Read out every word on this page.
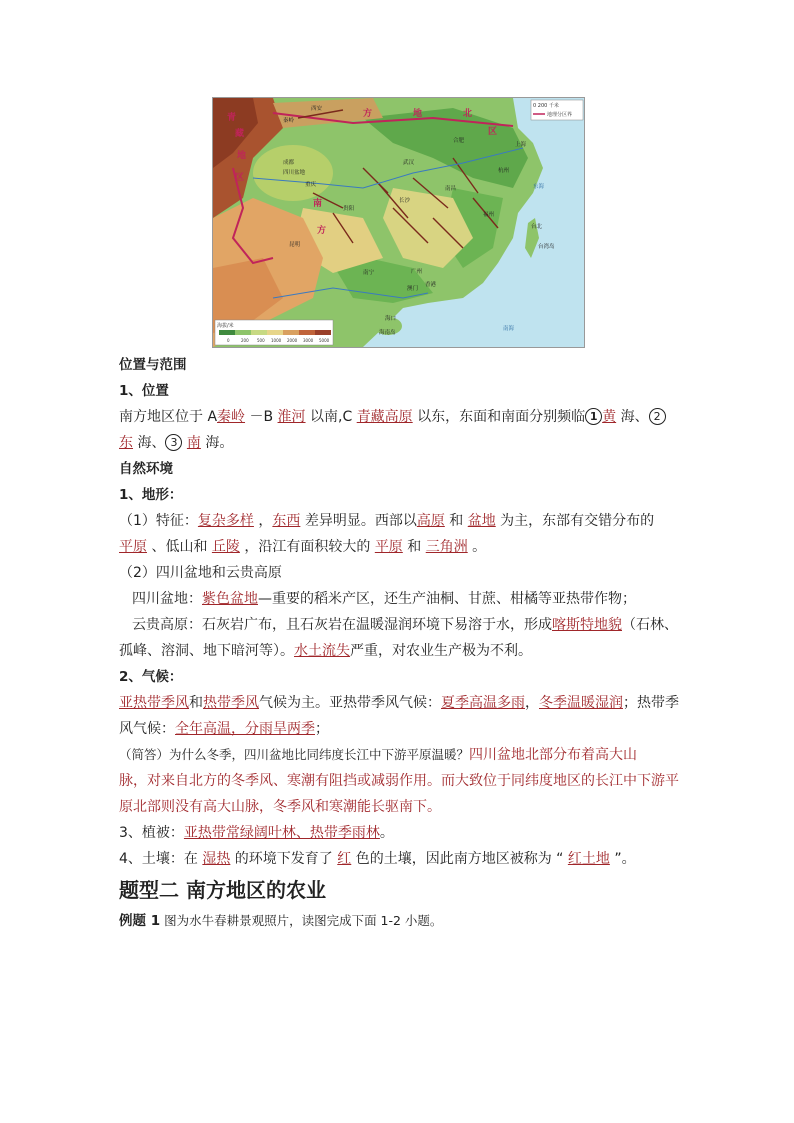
0 200 千米
地理分区界
海拔/米
0	200 500 1000 2000 3000 5000
北
方	地
区
南
方
青
藏
地
区
西安
秦岭
成都
四川盆地
重庆
武汉
长沙
合肥
上海
杭州
南昌
福州
贵阳
昆明
广州
南宁
香港
澳门
海口
台北
台湾岛
海南岛
东海
南海
位置与范围
1、位置
南方地区位于 A秦岭 －B 淮河 以南,C 青藏高原 以东，东面和南面分别频临 1 黄 海、 2
东 海、 3 南 海。
自然环境
1、地形：
（1）特征：复杂多样 ，东西 差异明显。西部以高原 和 盆地 为主，东部有交错分布的
平原 、低山和 丘陵 ，沿江有面积较大的 平原 和 三角洲 。
（2）四川盆地和云贵高原
四川盆地：紫色盆地—重要的稻米产区，还生产油桐、甘蔗、柑橘等亚热带作物；
云贵高原：石灰岩广布，且石灰岩在温暖湿润环境下易溶于水，形成喀斯特地貌（石林、
孤峰、溶洞、地下暗河等）。水土流失严重，对农业生产极为不利。
2、气候：
亚热带季风和热带季风气候为主。亚热带季风气候：夏季高温多雨，冬季温暖湿润；热带季
风气候：全年高温，分雨旱两季；
（简答）为什么冬季，四川盆地比同纬度长江中下游平原温暖？四川盆地北部分布着高大山
脉，对来自北方的冬季风、寒潮有阻挡或减弱作用。而大致位于同纬度地区的长江中下游平
原北部则没有高大山脉，冬季风和寒潮能长驱南下。
3、植被：亚热带常绿阔叶林、热带季雨林。
4、土壤：在 湿热 的环境下发育了 红 色的土壤，因此南方地区被称为 “ 红土地 ”。
题型二 南方地区的农业
例题 1 图为水牛春耕景观照片，读图完成下面 1-2 小题。
